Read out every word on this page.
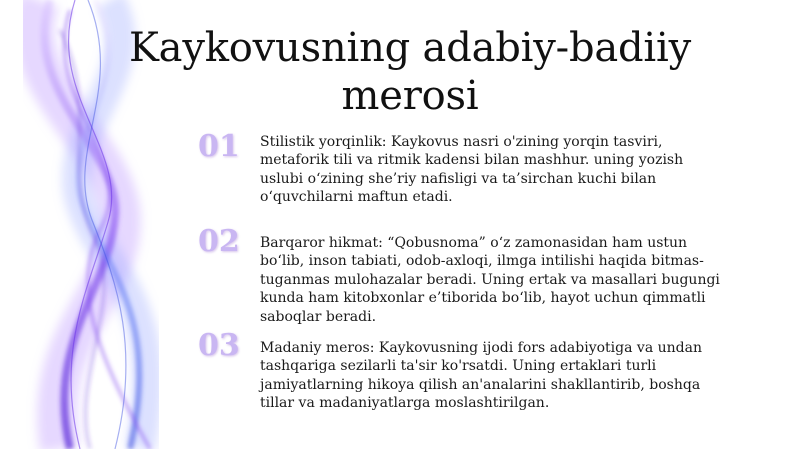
Kaykovusning adabiy-badiiy merosi
01	Stilistik yorqinlik: Kaykovus nasri o'zining yorqin tasviri, metaforik tili va ritmik kadensi bilan mashhur. uning yozish uslubi o‘zining she’riy nafisligi va ta’sirchan kuchi bilan o‘quvchilarni maftun etadi.

02	Barqaror hikmat: “Qobusnoma” o‘z zamonasidan ham ustun bo‘lib, inson tabiati, odob-axloqi, ilmga intilishi haqida bitmas-tuganmas mulohazalar beradi. Uning ertak va masallari bugungi kunda ham kitobxonlar e’tiborida bo‘lib, hayot uchun qimmatli saboqlar beradi.

03	Madaniy meros: Kaykovusning ijodi fors adabiyotiga va undan tashqariga sezilarli ta'sir ko'rsatdi. Uning ertaklari turli jamiyatlarning hikoya qilish an'analarini shakllantirib, boshqa tillar va madaniyatlarga moslashtirilgan.
